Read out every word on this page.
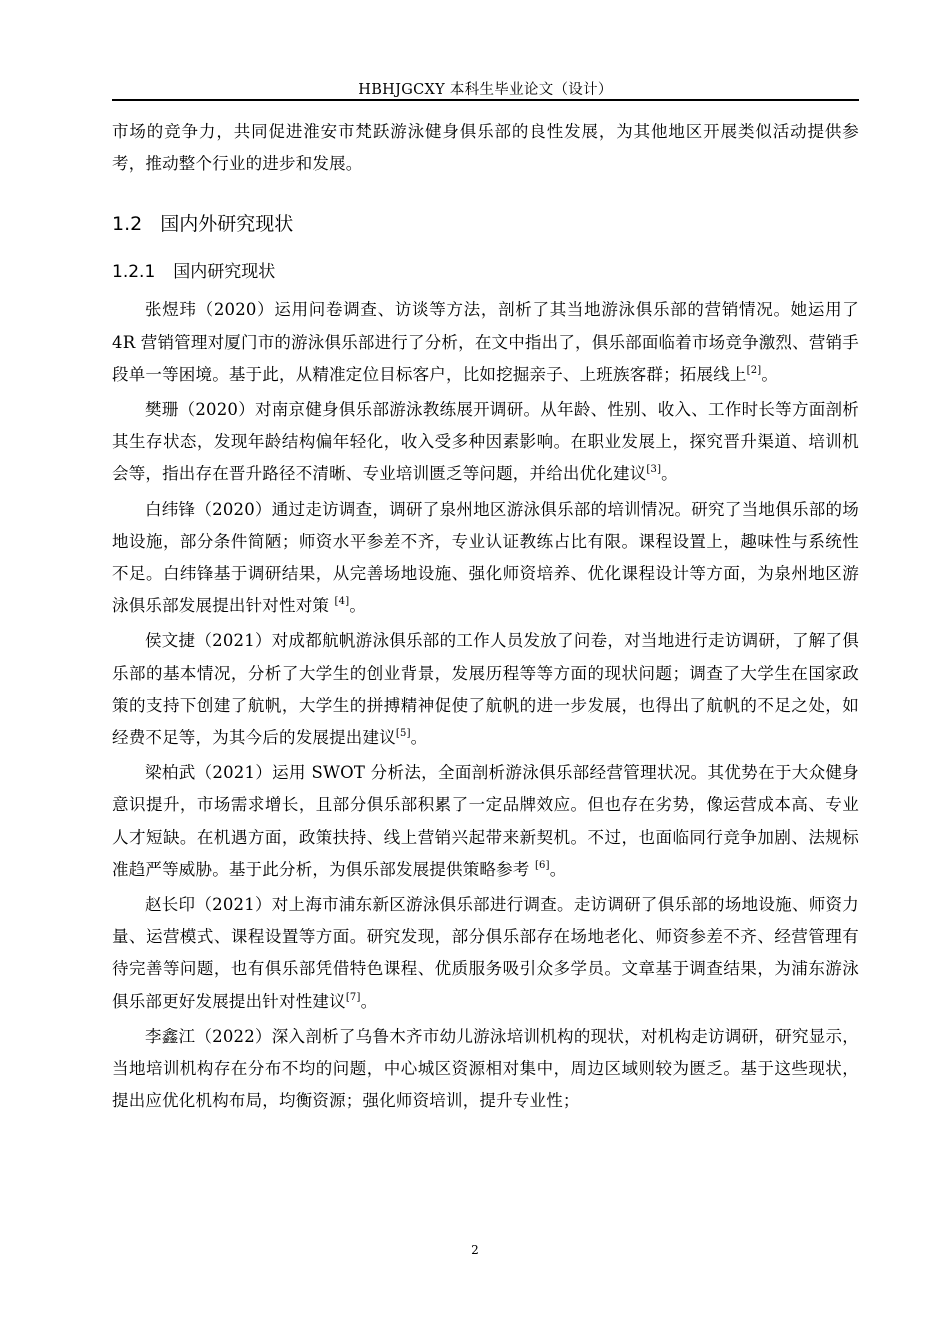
HBHJGCXY 本科生毕业论文（设计）

市场的竞争力，共同促进淮安市梵跃游泳健身俱乐部的良性发展，为其他地区开展类似活动提供参考，推动整个行业的进步和发展。

1.2 国内外研究现状
1.2.1 国内研究现状

张煜玮（2020）运用问卷调查、访谈等方法，剖析了其当地游泳俱乐部的营销情况。她运用了 4R 营销管理对厦门市的游泳俱乐部进行了分析，在文中指出了，俱乐部面临着市场竞争激烈、营销手段单一等困境。基于此，从精准定位目标客户，比如挖掘亲子、上班族客群；拓展线上[2]。

樊珊（2020）对南京健身俱乐部游泳教练展开调研。从年龄、性别、收入、工作时长等方面剖析其生存状态，发现年龄结构偏年轻化，收入受多种因素影响。在职业发展上，探究晋升渠道、培训机会等，指出存在晋升路径不清晰、专业培训匮乏等问题，并给出优化建议[3]。

白纬锋（2020）通过走访调查，调研了泉州地区游泳俱乐部的培训情况。研究了当地俱乐部的场地设施，部分条件简陋；师资水平参差不齐，专业认证教练占比有限。课程设置上，趣味性与系统性不足。白纬锋基于调研结果，从完善场地设施、强化师资培养、优化课程设计等方面，为泉州地区游泳俱乐部发展提出针对性对策 [4]。

侯文捷（2021）对成都航帆游泳俱乐部的工作人员发放了问卷，对当地进行走访调研，了解了俱乐部的基本情况，分析了大学生的创业背景，发展历程等等方面的现状问题；调查了大学生在国家政策的支持下创建了航帆，大学生的拼搏精神促使了航帆的进一步发展，也得出了航帆的不足之处，如经费不足等，为其今后的发展提出建议[5]。

梁柏武（2021）运用 SWOT 分析法，全面剖析游泳俱乐部经营管理状况。其优势在于大众健身意识提升，市场需求增长，且部分俱乐部积累了一定品牌效应。但也存在劣势，像运营成本高、专业人才短缺。在机遇方面，政策扶持、线上营销兴起带来新契机。不过，也面临同行竞争加剧、法规标准趋严等威胁。基于此分析，为俱乐部发展提供策略参考 [6]。

赵长印（2021）对上海市浦东新区游泳俱乐部进行调查。走访调研了俱乐部的场地设施、师资力量、运营模式、课程设置等方面。研究发现，部分俱乐部存在场地老化、师资参差不齐、经营管理有待完善等问题，也有俱乐部凭借特色课程、优质服务吸引众多学员。文章基于调查结果，为浦东游泳俱乐部更好发展提出针对性建议[7]。

李鑫江（2022）深入剖析了乌鲁木齐市幼儿游泳培训机构的现状，对机构走访调研，研究显示，当地培训机构存在分布不均的问题，中心城区资源相对集中，周边区域则较为匮乏。基于这些现状，提出应优化机构布局，均衡资源；强化师资培训，提升专业性；

2
